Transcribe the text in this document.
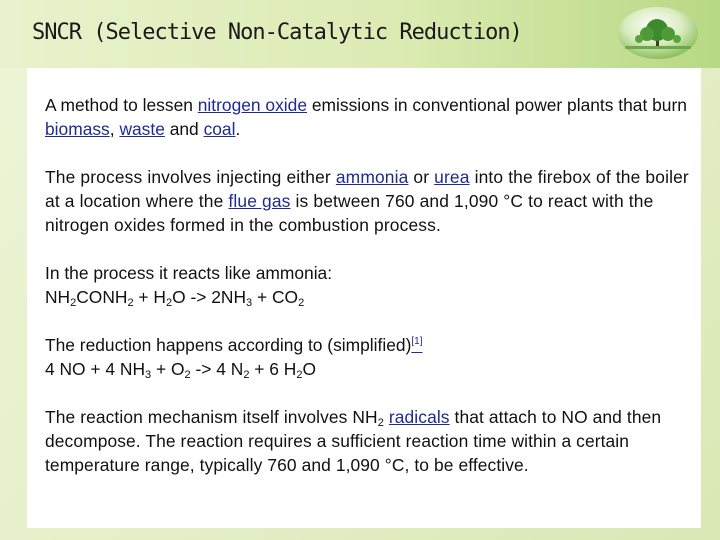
SNCR (Selective Non-Catalytic Reduction)

A method to lessen nitrogen oxide emissions in conventional power plants that burn biomass, waste and coal.

The process involves injecting either ammonia or urea into the firebox of the boiler at a location where the flue gas is between 760 and 1,090 °C to react with the nitrogen oxides formed in the combustion process.

In the process it reacts like ammonia:
$NH_2CONH_2 + H_2O -> 2NH_3 + CO_2$

The reduction happens according to (simplified)[1]
4 NO + 4 $NH_3 + O_2 -> 4$ $N_2 + 6$ $H_2O$

The reaction mechanism itself involves $NH_2$ radicals that attach to NO and then decompose. The reaction requires a sufficient reaction time within a certain temperature range, typically 760 and 1,090 °C, to be effective.
